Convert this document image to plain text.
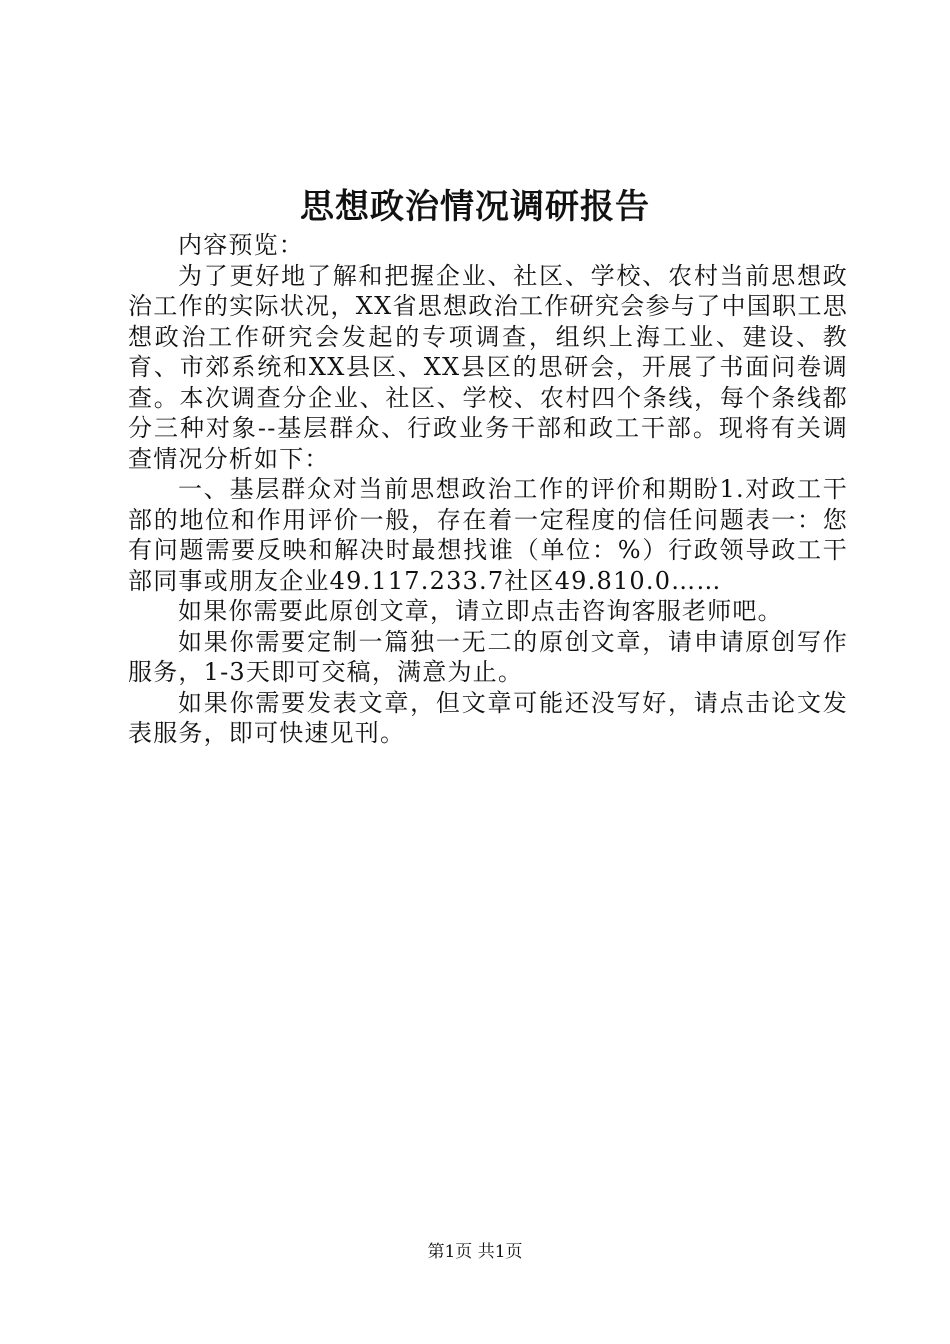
思想政治情况调研报告

内容预览：

为了更好地了解和把握企业、社区、学校、农村当前思想政治工作的实际状况，XX省思想政治工作研究会参与了中国职工思想政治工作研究会发起的专项调查，组织上海工业、建设、教育、市郊系统和XX县区、XX县区的思研会，开展了书面问卷调查。本次调查分企业、社区、学校、农村四个条线，每个条线都分三种对象--基层群众、行政业务干部和政工干部。现将有关调查情况分析如下：

一、基层群众对当前思想政治工作的评价和期盼1.对政工干部的地位和作用评价一般，存在着一定程度的信任问题表一：您有问题需要反映和解决时最想找谁（单位：%）行政领导政工干部同事或朋友企业49.117.233.7社区49.810.0……

如果你需要此原创文章，请立即点击咨询客服老师吧。

如果你需要定制一篇独一无二的原创文章，请申请原创写作服务，1-3天即可交稿，满意为止。

如果你需要发表文章，但文章可能还没写好，请点击论文发表服务，即可快速见刊。

第1页 共1页
